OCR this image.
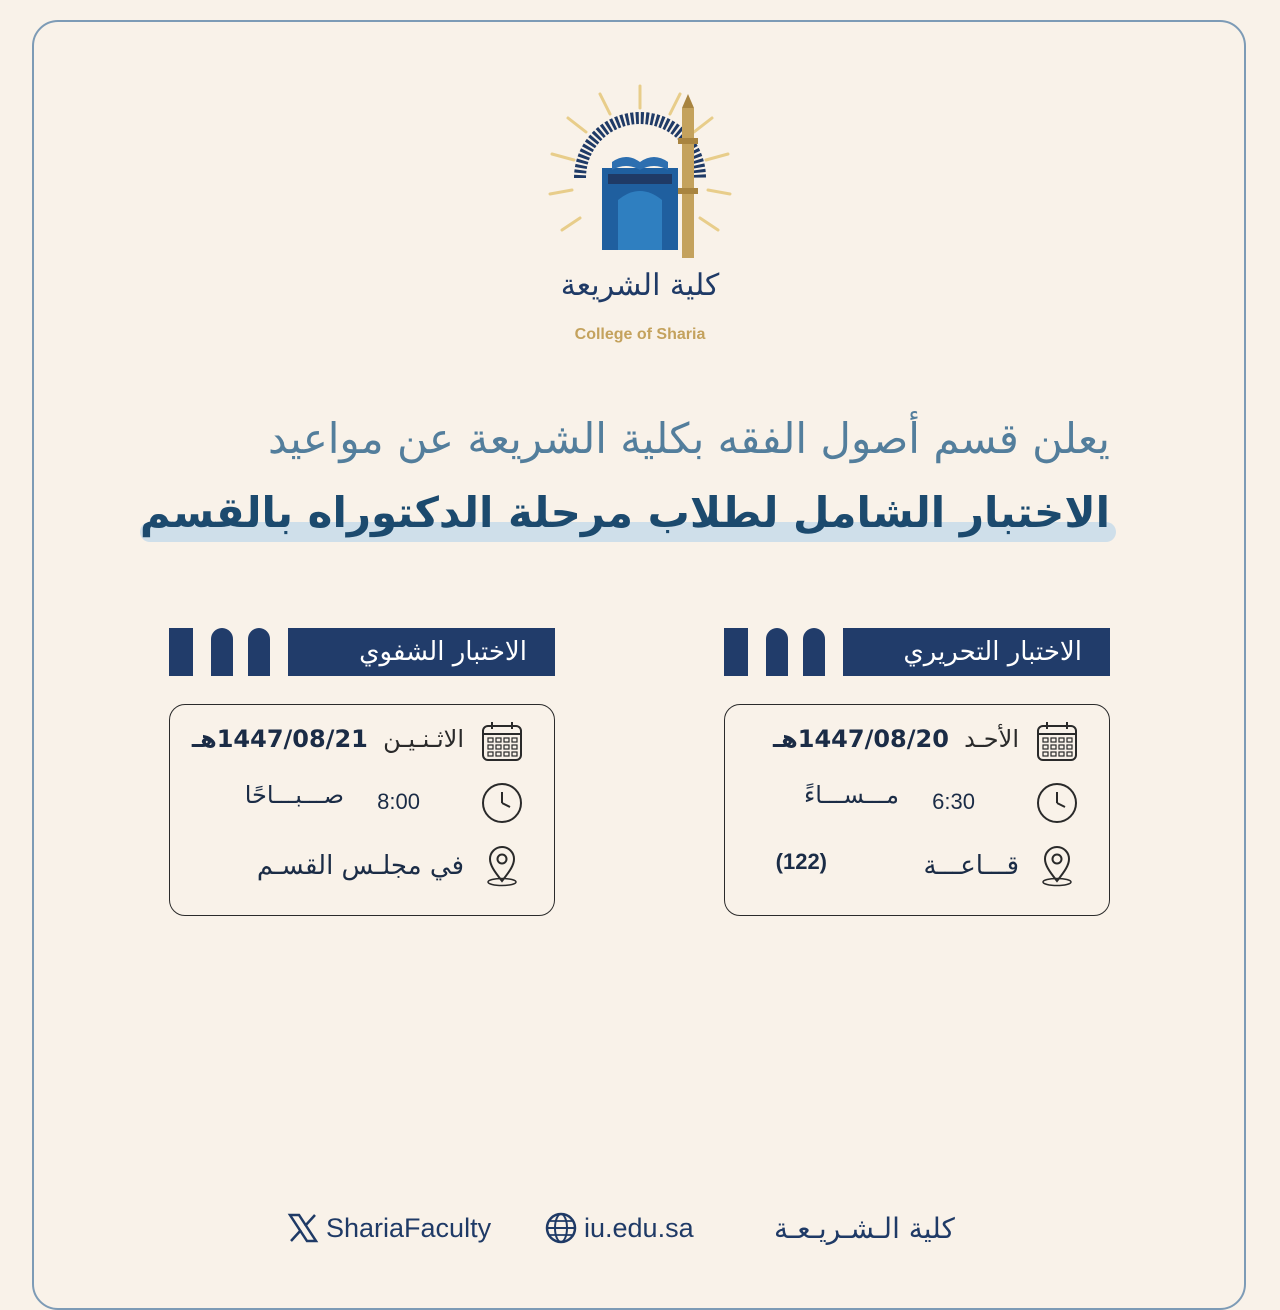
كلية الشريعة
College of Sharia
يعلن قسم أصول الفقه بكلية الشريعة عن مواعيد
الاختبار الشامل لطلاب مرحلة الدكتوراه بالقسم
الاختبار التحريري
الأحـد  1447/08/20هـ
6:30
مـــســـاءً
قـــاعـــة
(122)
الاختبار الشفوي
الاثـنـيـن  1447/08/21هـ
8:00
صـــبـــاحًا
في مجلـس القسـم
ShariaFaculty	iu.edu.sa	كلية الـشـريـعـة
